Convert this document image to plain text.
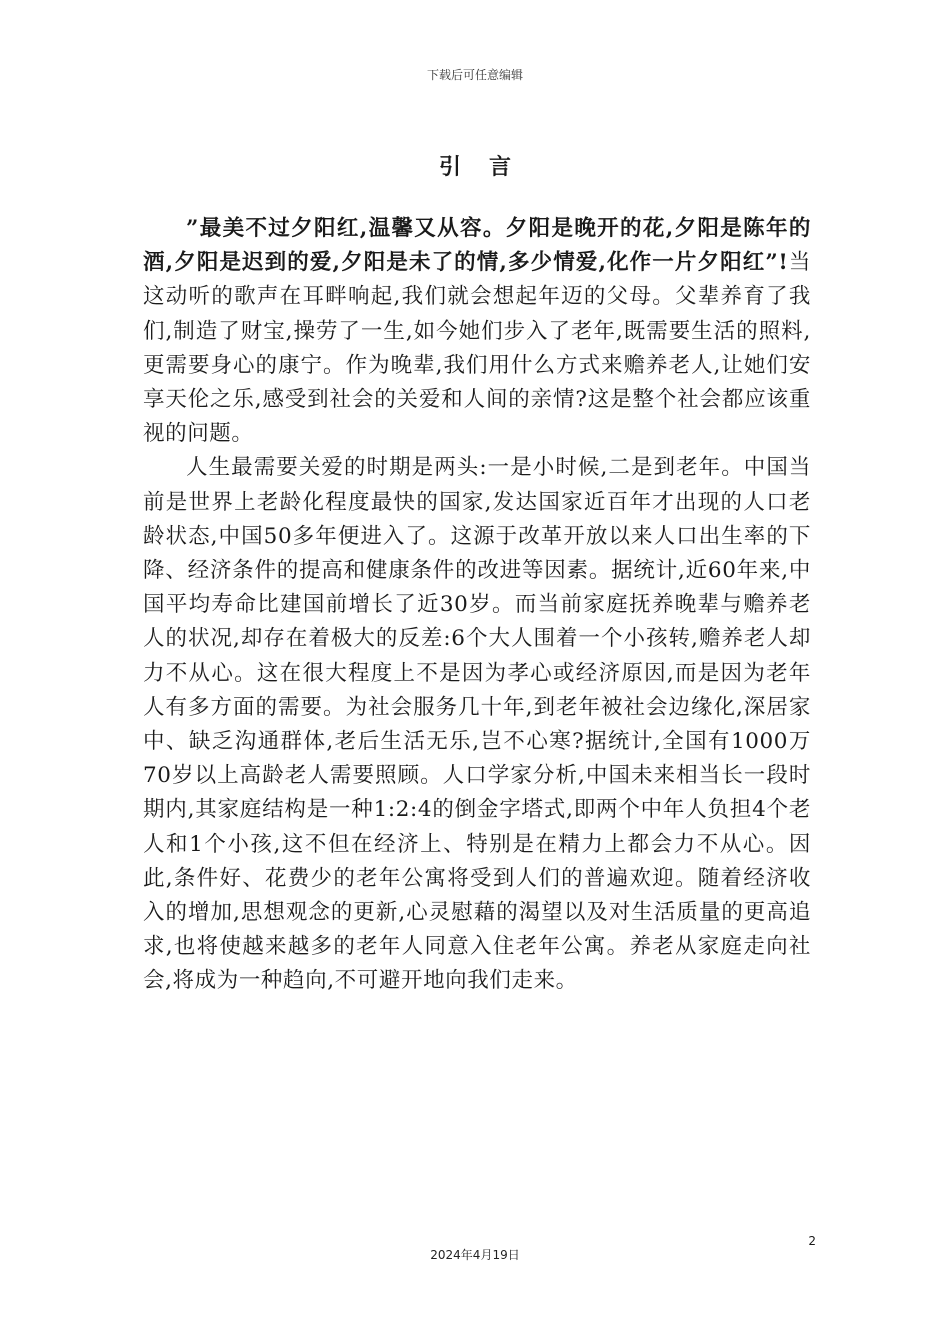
下载后可任意编辑
引言

”最美不过夕阳红,温馨又从容。夕阳是晚开的花,夕阳是陈年的酒,夕阳是迟到的爱,夕阳是未了的情,多少情爱,化作一片夕阳红”!当这动听的歌声在耳畔响起,我们就会想起年迈的父母。父辈养育了我们,制造了财宝,操劳了一生,如今她们步入了老年,既需要生活的照料,更需要身心的康宁。作为晚辈,我们用什么方式来赡养老人,让她们安享天伦之乐,感受到社会的关爱和人间的亲情?这是整个社会都应该重视的问题。

人生最需要关爱的时期是两头:一是小时候,二是到老年。中国当前是世界上老龄化程度最快的国家,发达国家近百年才出现的人口老龄状态,中国50多年便进入了。这源于改革开放以来人口出生率的下降、经济条件的提高和健康条件的改进等因素。据统计,近60年来,中国平均寿命比建国前增长了近30岁。而当前家庭抚养晚辈与赡养老人的状况,却存在着极大的反差:6个大人围着一个小孩转,赡养老人却力不从心。这在很大程度上不是因为孝心或经济原因,而是因为老年人有多方面的需要。为社会服务几十年,到老年被社会边缘化,深居家中、缺乏沟通群体,老后生活无乐,岂不心寒?据统计,全国有1000万70岁以上高龄老人需要照顾。人口学家分析,中国未来相当长一段时期内,其家庭结构是一种1:2:4的倒金字塔式,即两个中年人负担4个老人和1个小孩,这不但在经济上、特别是在精力上都会力不从心。因此,条件好、花费少的老年公寓将受到人们的普遍欢迎。随着经济收入的增加,思想观念的更新,心灵慰藉的渴望以及对生活质量的更高追求,也将使越来越多的老年人同意入住老年公寓。养老从家庭走向社会,将成为一种趋向,不可避开地向我们走来。

2
2024年4月19日
